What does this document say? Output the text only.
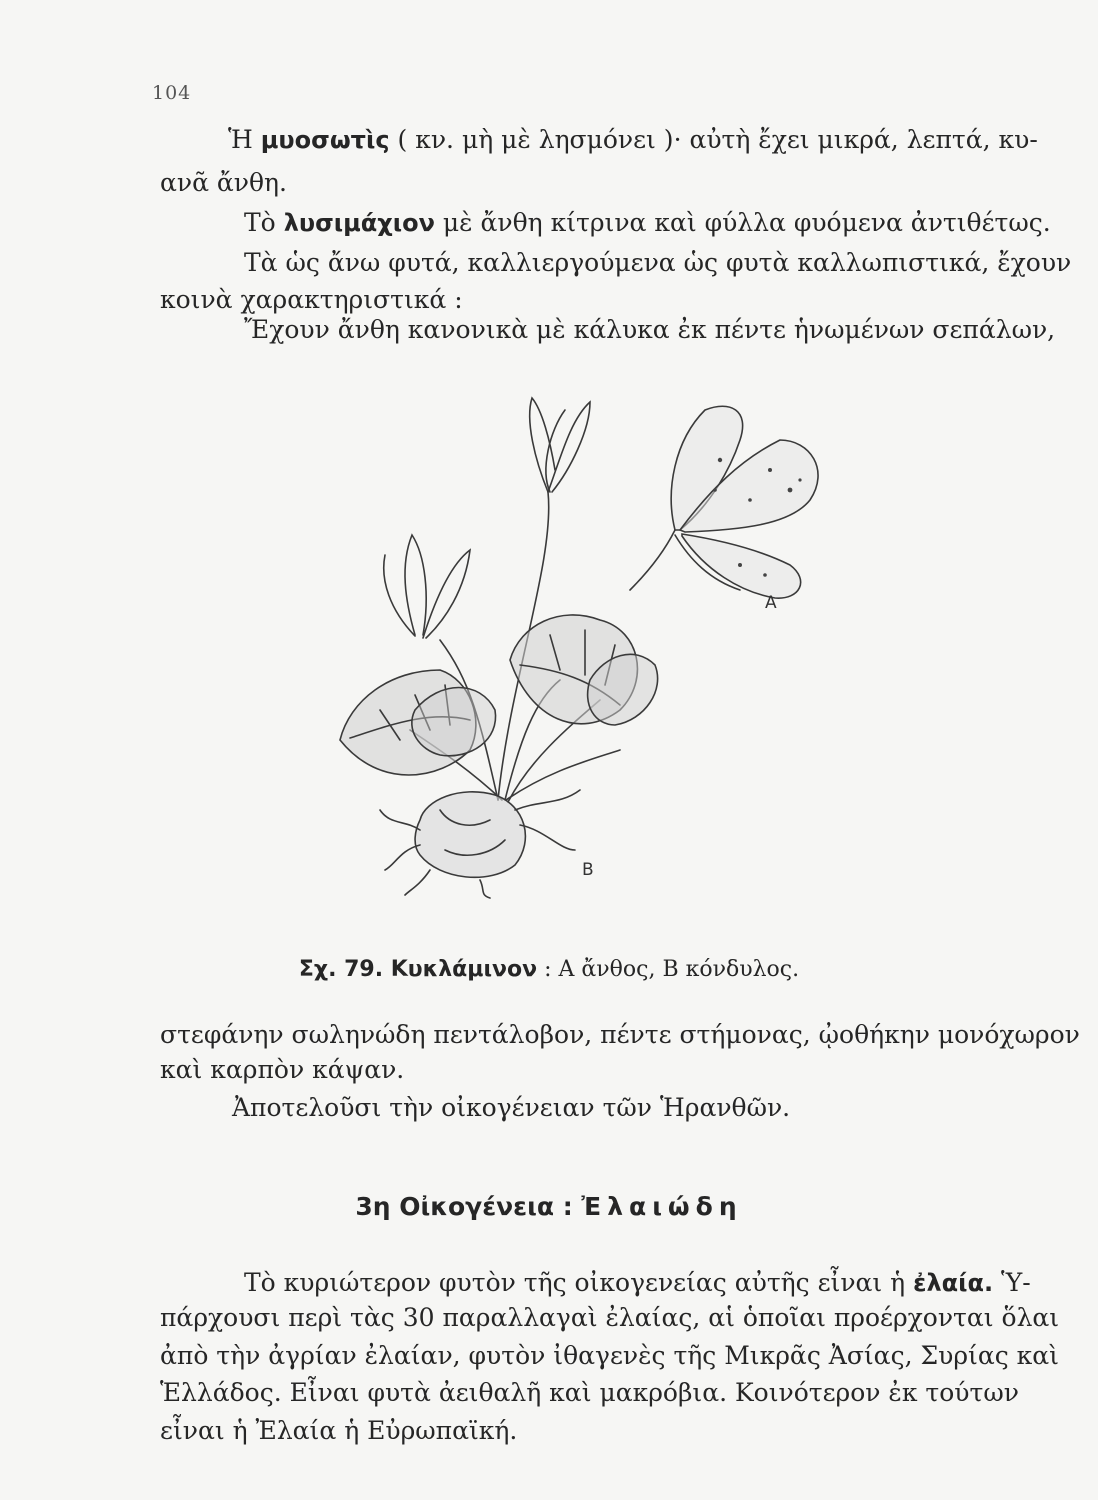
104
Ἡ μυοσωτὶς ( κν. μὴ μὲ λησμόνει )· αὐτὴ ἔχει μικρά, λεπτά, κυ-
ανᾶ ἄνθη.
Τὸ λυσιμάχιον μὲ ἄνθη κίτρινα καὶ φύλλα φυόμενα ἀντιθέτως.
Τὰ ὡς ἄνω φυτά, καλλιεργούμενα ὡς φυτὰ καλλωπιστικά, ἔχουν
κοινὰ χαρακτηριστικά :
Ἔχουν ἄνθη κανονικὰ μὲ κάλυκα ἐκ πέντε ἡνωμένων σεπάλων,
Α
Β
Σχ. 79. Κυκλάμινον : Α ἄνθος, Β κόνδυλος.
στεφάνην σωληνώδη πεντάλοβον, πέντε στήμονας, ᾠοθήκην μονόχωρον
καὶ καρπὸν κάψαν.
Ἀποτελοῦσι τὴν οἰκογένειαν τῶν Ἡρανθῶν.
3η Οἰκογένεια : Ἐλαιώδη
Τὸ κυριώτερον φυτὸν τῆς οἰκογενείας αὐτῆς εἶναι ἡ ἐλαία. Ὑ-
πάρχουσι περὶ τὰς 30 παραλλαγαὶ ἐλαίας, αἱ ὁποῖαι προέρχονται ὅλαι
ἀπὸ τὴν ἀγρίαν ἐλαίαν, φυτὸν ἰθαγενὲς τῆς Μικρᾶς Ἀσίας, Συρίας καὶ
Ἑλλάδος. Εἶναι φυτὰ ἀειθαλῆ καὶ μακρόβια. Κοινότερον ἐκ τούτων
εἶναι ἡ Ἐλαία ἡ Εὐρωπαϊκή.
